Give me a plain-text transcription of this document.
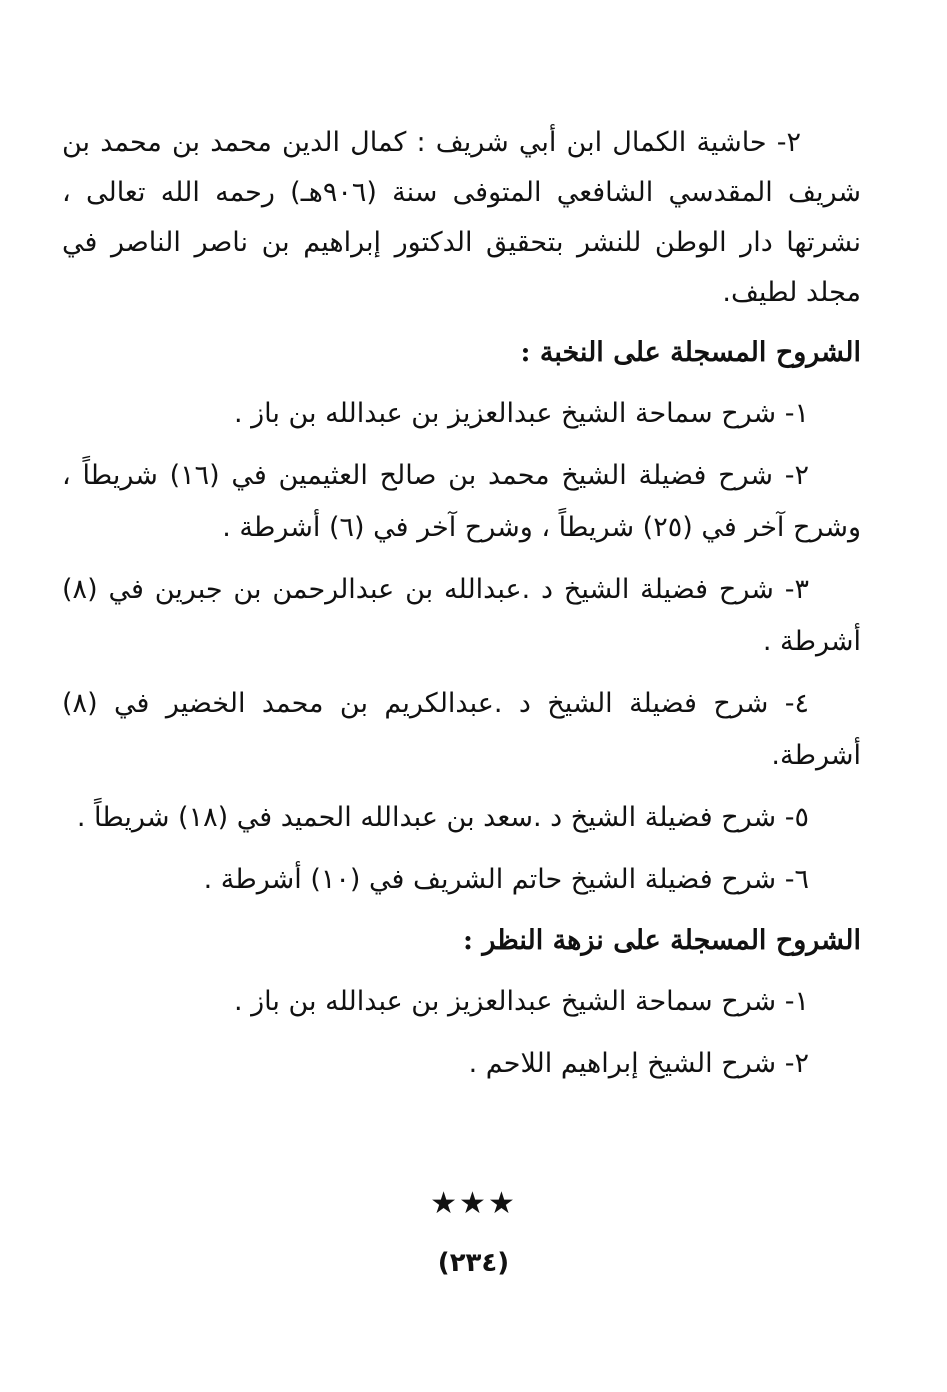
٢- حاشية الكمال ابن أبي شريف : كمال الدين محمد بن محمد بن شريف المقدسي الشافعي المتوفى سنة (٩٠٦هـ) رحمه الله تعالى ، نشرتها دار الوطن للنشر بتحقيق الدكتور إبراهيم بن ناصر الناصر في مجلد لطيف.

الشروح المسجلة على النخبة :

١- شرح سماحة الشيخ عبدالعزيز بن عبدالله بن باز .

٢- شرح فضيلة الشيخ محمد بن صالح العثيمين في (١٦) شريطاً ، وشرح آخر في (٢٥) شريطاً ، وشرح آخر في (٦) أشرطة .

٣- شرح فضيلة الشيخ د .عبدالله بن عبدالرحمن بن جبرين في (٨) أشرطة .

٤- شرح فضيلة الشيخ د .عبدالكريم بن محمد الخضير في (٨) أشرطة.

٥- شرح فضيلة الشيخ د .سعد بن عبدالله الحميد في (١٨) شريطاً .

٦- شرح فضيلة الشيخ حاتم الشريف في (١٠) أشرطة .

الشروح المسجلة على نزهة النظر :

١- شرح سماحة الشيخ عبدالعزيز بن عبدالله بن باز .

٢- شرح الشيخ إبراهيم اللاحم .

★★★
(٢٣٤)
